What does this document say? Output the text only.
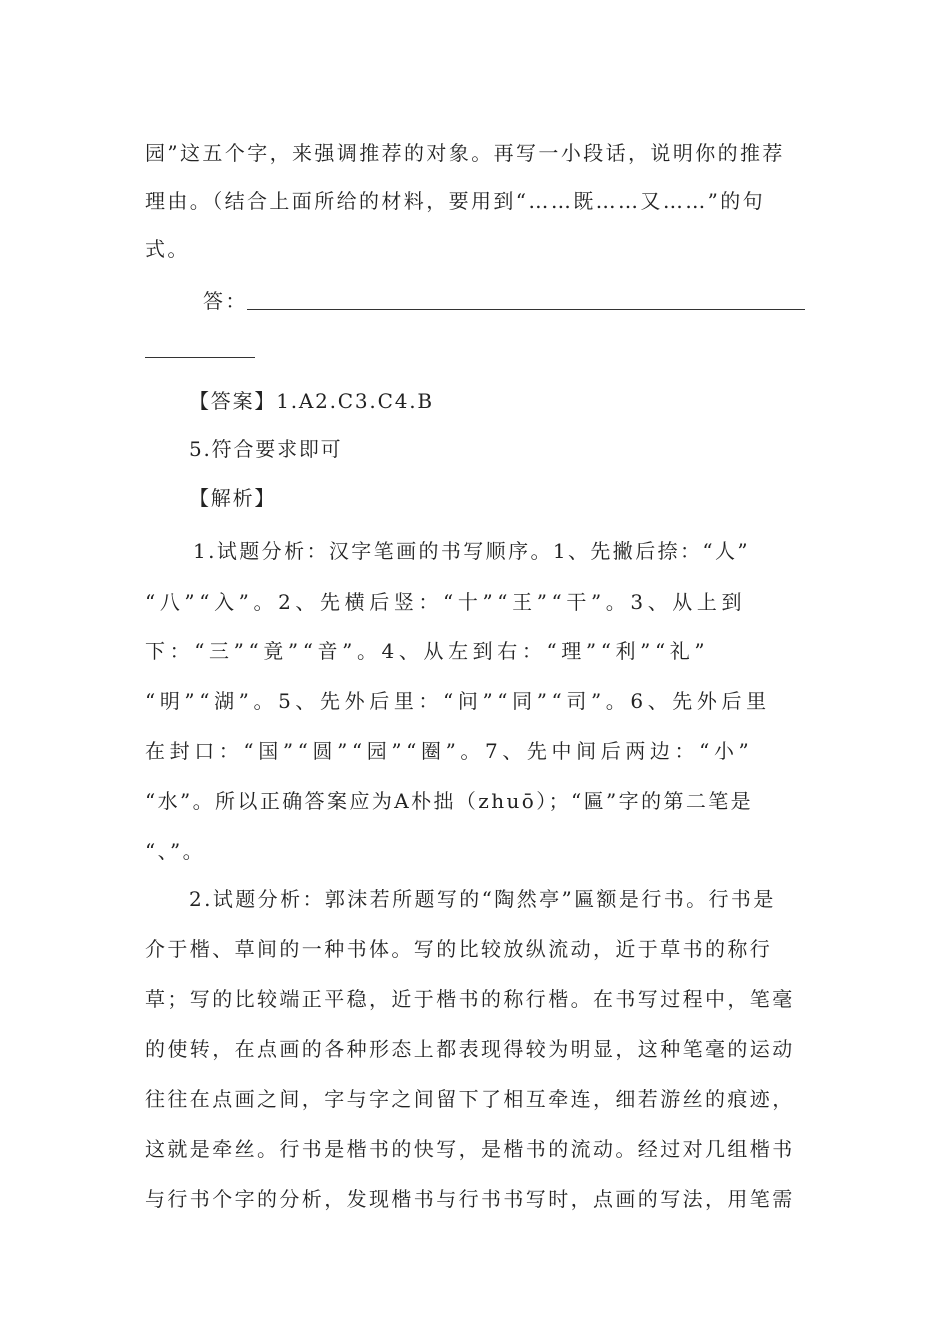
园”这五个字，来强调推荐的对象。再写一小段话，说明你的推荐
理由。（结合上面所给的材料，要用到“……既……又……”的句
式。
答：
【答案】1.A2.C3.C4.B
5.符合要求即可
【解析】
1.试题分析：汉字笔画的书写顺序。1、先撇后捺：“人”
“八”“入”。2、先横后竖：“十”“王”“干”。3、从上到
下：“三”“竟”“音”。4、从左到右：“理”“利”“礼”
“明”“湖”。5、先外后里：“问”“同”“司”。6、先外后里
在封口：“国”“圆”“园”“圈”。7、先中间后两边：“小”
“水”。所以正确答案应为A朴拙（zhuō）；“匾”字的第二笔是
“、”。
2.试题分析：郭沫若所题写的“陶然亭”匾额是行书。行书是
介于楷、草间的一种书体。写的比较放纵流动，近于草书的称行
草；写的比较端正平稳，近于楷书的称行楷。在书写过程中，笔毫
的使转，在点画的各种形态上都表现得较为明显，这种笔毫的运动
往往在点画之间，字与字之间留下了相互牵连，细若游丝的痕迹，
这就是牵丝。行书是楷书的快写，是楷书的流动。经过对几组楷书
与行书个字的分析，发现楷书与行书书写时，点画的写法，用笔需
